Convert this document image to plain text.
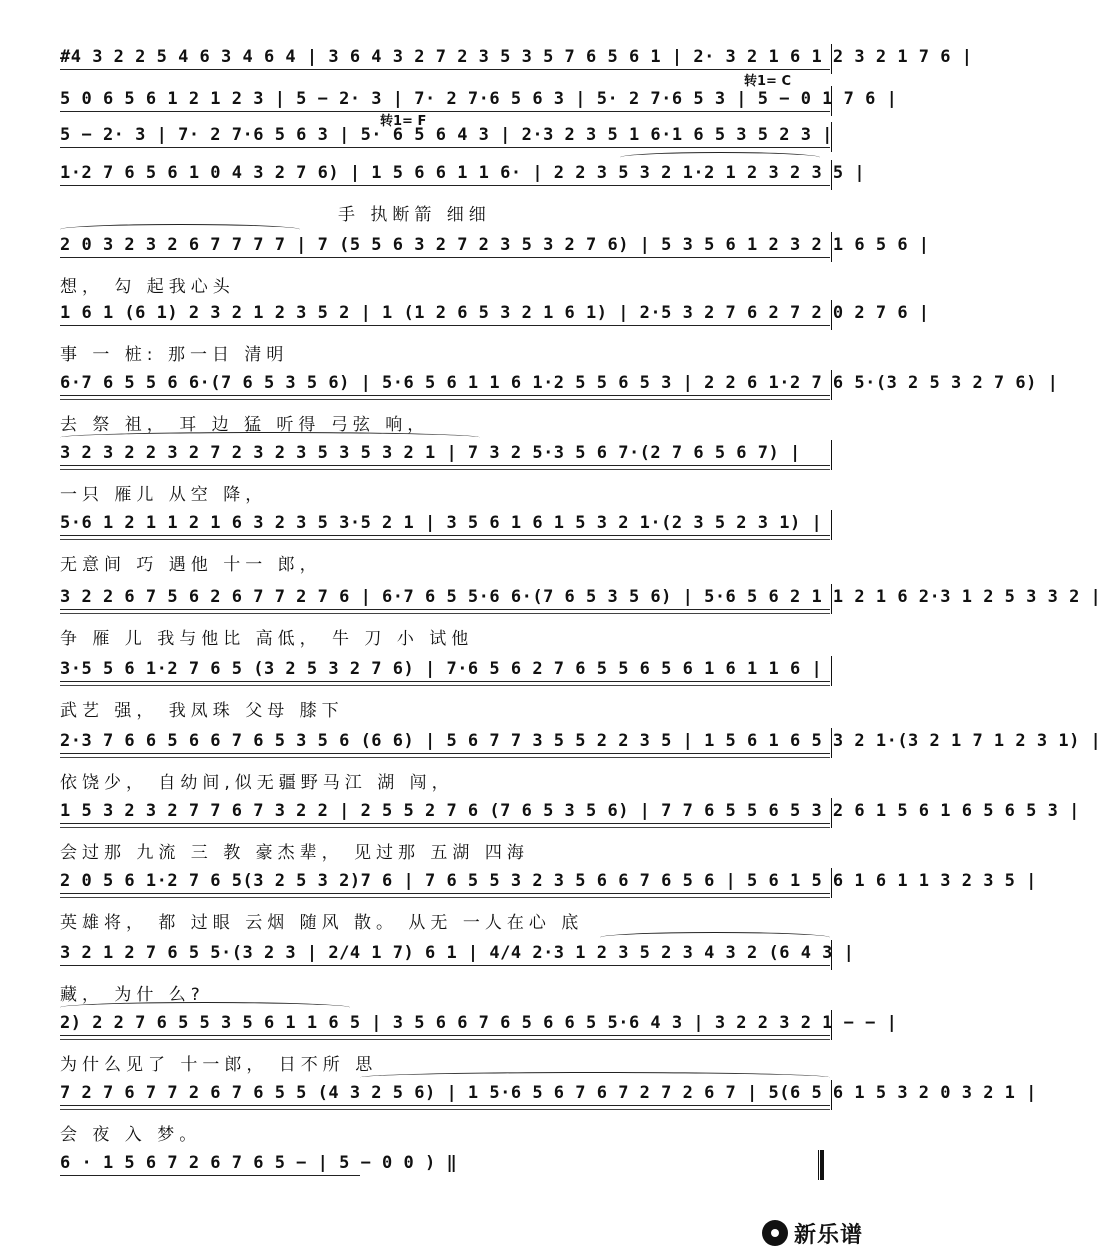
#4 3 2 2 5 4 6 3 4 6 4 | 3 6 4 3 2 7 2 3 5 3 5 7 6 5 6 1 | 2· 3 2 1 6 1 2 3 2 1 7 6 |
转1= C
5 0 6 5 6 1 2 1 2 3 | 5 − 2· 3 | 7· 2 7·6 5 6 3 | 5· 2 7·6 5 3 | 5 − 0 1 7 6 |
转1= F
5 − 2· 3 | 7· 2 7·6 5 6 3 | 5· 6 5 6 4 3 | 2·3 2 3 5 1 6·1 6 5 3 5 2 3 |
1·2 7 6 5 6 1 0 4 3 2 7 6) | 1 5 6 6 1 1 6· | 2 2 3 5 3 2 1·2 1 2 3 2 3 5 |
手 执断箭 细细
2 0 3 2 3 2 6 7 7 7 7 | 7 (5 5 6 3 2 7 2 3 5 3 2 7 6) | 5 3 5 6 1 2 3 2 1 6 5 6 |
想， 勾 起我心头
1 6 1 (6 1) 2 3 2 1 2 3 5 2 | 1 (1 2 6 5 3 2 1 6 1) | 2·5 3 2 7 6 2 7 2 0 2 7 6 |
事 一 桩: 那一日 清明
6·7 6 5 5 6 6·(7 6 5 3 5 6) | 5·6 5 6 1 1 6 1·2 5 5 6 5 3 | 2 2 6 1·2 7 6 5·(3 2 5 3 2 7 6) |
去 祭 祖， 耳 边 猛 听得 弓弦 响，
3 2 3 2 2 3 2 7 2 3 2 3 5 3 5 3 2 1 | 7 3 2 5·3 5 6 7·(2 7 6 5 6 7) |
一只 雁儿 从空 降，
5·6 1 2 1 1 2 1 6 3 2 3 5 3·5 2 1 | 3 5 6 1 6 1 5 3 2 1·(2 3 5 2 3 1) |
无意间 巧 遇他 十一 郎，
3 2 2 6 7 5 6 2 6 7 7 2 7 6 | 6·7 6 5 5·6 6·(7 6 5 3 5 6) | 5·6 5 6 2 1 1 2 1 6 2·3 1 2 5 3 3 2 |
争 雁 儿 我与他比 高低， 牛 刀 小 试他
3·5 5 6 1·2 7 6 5 (3 2 5 3 2 7 6) | 7·6 5 6 2 7 6 5 5 6 5 6 1 6 1 1 6 |
武艺 强， 我凤珠 父母 膝下
2·3 7 6 6 5 6 6 7 6 5 3 5 6 (6 6) | 5 6 7 7 3 5 5 2 2 3 5 | 1 5 6 1 6 5 3 2 1·(3 2 1 7 1 2 3 1) |
依饶少， 自幼间,似无疆野马江 湖 闯，
1 5 3 2 3 2 7 7 6 7 3 2 2 | 2 5 5 2 7 6 (7 6 5 3 5 6) | 7 7 6 5 5 6 5 3 2 6 1 5 6 1 6 5 6 5 3 |
会过那 九流 三 教 豪杰辈， 见过那 五湖 四海
2 0 5 6 1·2 7 6 5(3 2 5 3 2)7 6 | 7 6 5 5 3 2 3 5 6 6 7 6 5 6 | 5 6 1 5 6 1 6 1 1 3 2 3 5 |
英雄将， 都 过眼 云烟 随风 散。 从无 一人在心 底
3 2 1 2 7 6 5 5·(3 2 3 | 2/4 1 7) 6 1 | 4/4 2·3 1 2 3 5 2 3 4 3 2 (6 4 3 |
藏， 为什 么?
2) 2 2 7 6 5 5 3 5 6 1 1 6 5 | 3 5 6 6 7 6 5 6 6 5 5·6 4 3 | 3 2 2 3 2 1 − − |
为什么见了 十一郎， 日不所 思
7 2 7 6 7 7 2 6 7 6 5 5 (4 3 2 5 6) | 1 5·6 5 6 7 6 7 2 7 2 6 7 | 5(6 5 6 1 5 3 2 0 3 2 1 |
会 夜 入 梦。
6 · 1 5 6 7 2 6 7 6 5 − | 5 − 0 0 ) ‖
新乐谱
